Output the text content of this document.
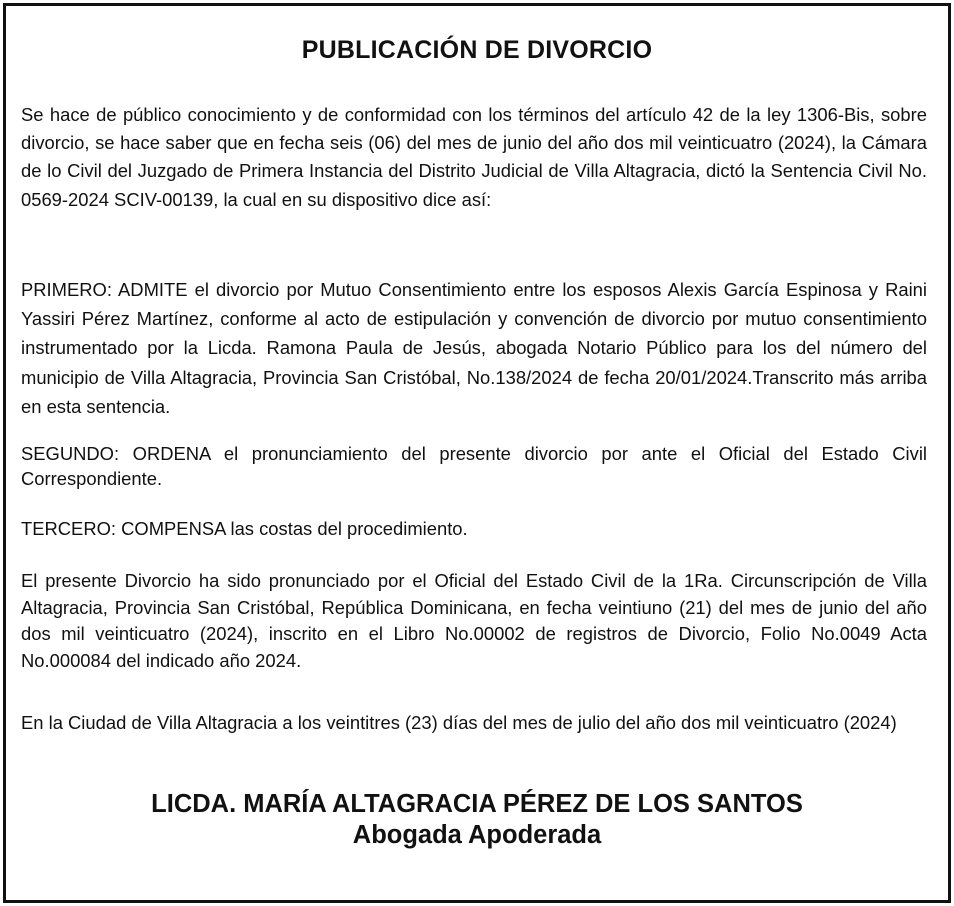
PUBLICACIÓN DE DIVORCIO

Se hace de público conocimiento y de conformidad con los términos del artículo 42 de la ley 1306-Bis, sobre divorcio, se hace saber que en fecha seis (06) del mes de junio del año dos mil veinticuatro (2024), la Cámara de lo Civil del Juzgado de Primera Instancia del Distrito Judicial de Villa Altagracia, dictó la Sentencia Civil No. 0569-2024 SCIV-00139, la cual en su dispositivo dice así:

PRIMERO: ADMITE el divorcio por Mutuo Consentimiento entre los esposos Alexis García Espinosa y Raini Yassiri Pérez Martínez, conforme al acto de estipulación y convención de divorcio por mutuo consentimiento instrumentado por la Licda. Ramona Paula de Jesús, abogada Notario Público para los del número del municipio de Villa Altagracia, Provincia San Cristóbal, No.138/2024 de fecha 20/01/2024.Transcrito más arriba en esta sentencia.

SEGUNDO: ORDENA el pronunciamiento del presente divorcio por ante el Oficial del Estado Civil Correspondiente.

TERCERO: COMPENSA las costas del procedimiento.

El presente Divorcio ha sido pronunciado por el Oficial del Estado Civil de la 1Ra. Circunscripción de Villa Altagracia, Provincia San Cristóbal, República Dominicana, en fecha veintiuno (21) del mes de junio del año dos mil veinticuatro (2024), inscrito en el Libro No.00002 de registros de Divorcio, Folio No.0049 Acta No.000084 del indicado año 2024.

En la Ciudad de Villa Altagracia a los veintitres (23) días del mes de julio del año dos mil veinticuatro (2024)

LICDA. MARÍA ALTAGRACIA PÉREZ DE LOS SANTOS
Abogada Apoderada
